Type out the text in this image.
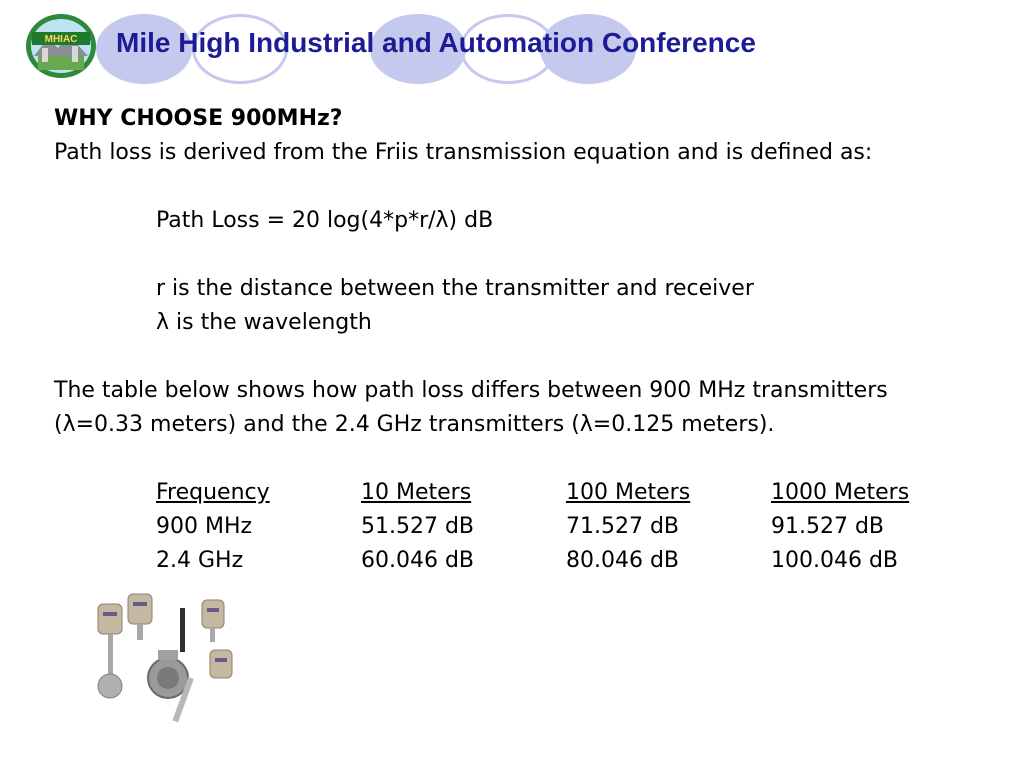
MHIAC Mile High Industrial and Automation Conference
WHY CHOOSE 900MHz?
Path loss is derived from the Friis transmission equation and is defined as:
Path Loss = 20 log(4*p*r/λ) dB
r is the distance between the transmitter and receiver
λ is the wavelength
The table below shows how path loss differs between 900 MHz transmitters
(λ=0.33 meters) and the 2.4 GHz transmitters (λ=0.125 meters).
Frequency	10 Meters	100 Meters	1000 Meters
900 MHz	51.527 dB	71.527 dB	91.527 dB
2.4 GHz	60.046 dB	80.046 dB	100.046 dB
